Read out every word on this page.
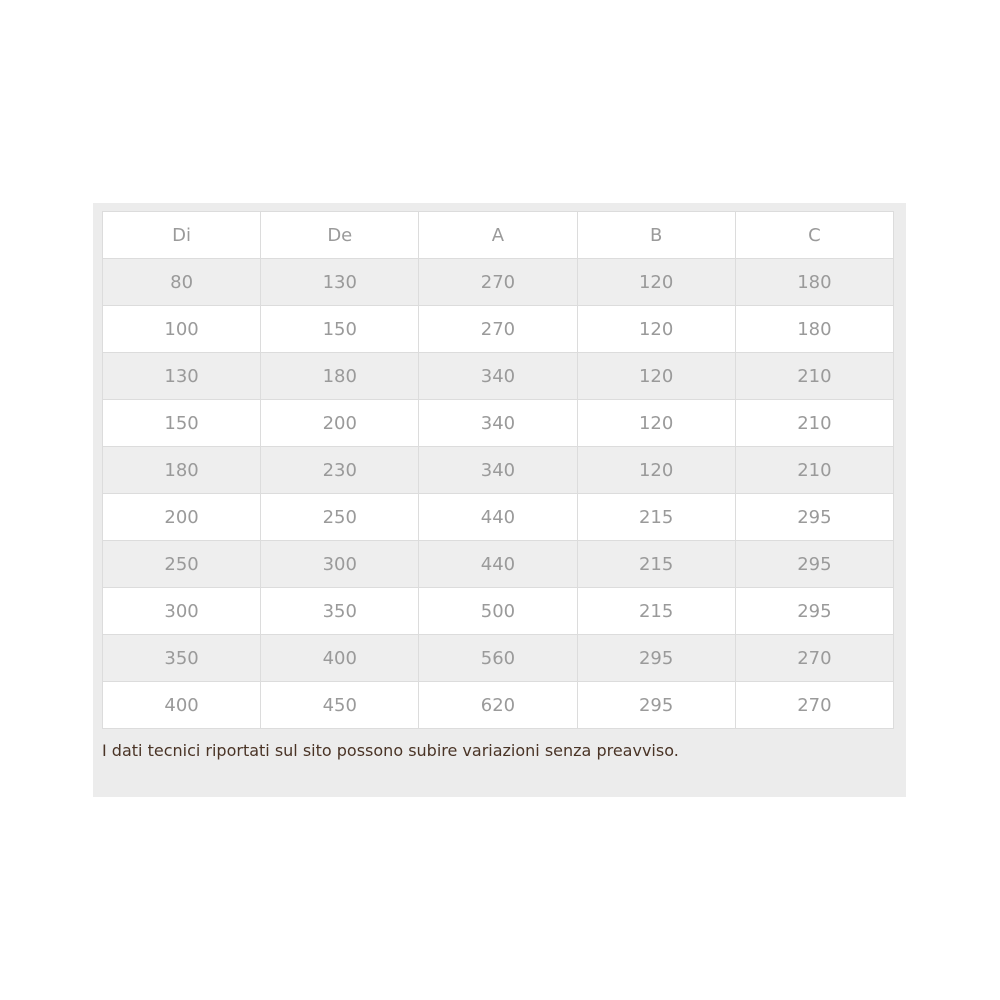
Di	De	A	B	C
80	130	270	120	180
100	150	270	120	180
130	180	340	120	210
150	200	340	120	210
180	230	340	120	210
200	250	440	215	295
250	300	440	215	295
300	350	500	215	295
350	400	560	295	270
400	450	620	295	270
I dati tecnici riportati sul sito possono subire variazioni senza preavviso.
